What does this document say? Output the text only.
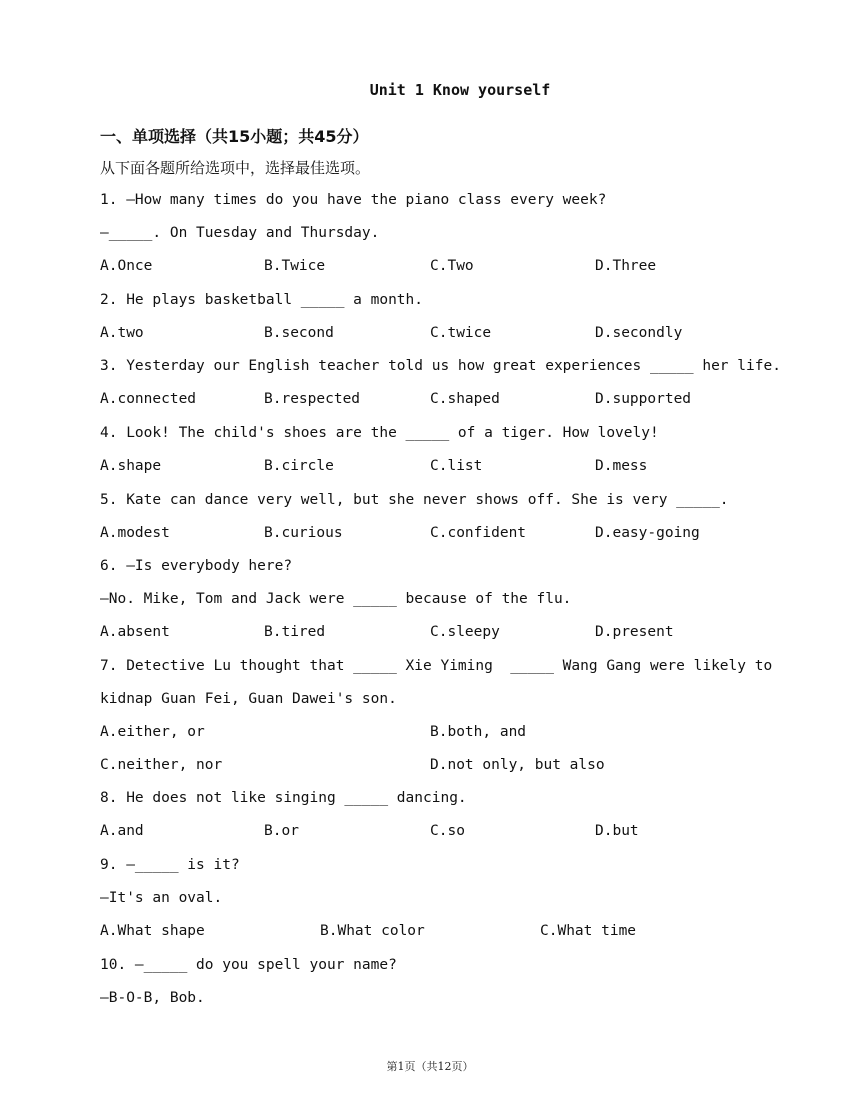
Unit 1 Know yourself
一、单项选择（共15小题；共45分）
从下面各题所给选项中，选择最佳选项。
1. —How many times do you have the piano class every week?
—_____. On Tuesday and Thursday.
A.Once	B.Twice	C.Two	D.Three
2. He plays basketball _____ a month.
A.two	B.second	C.twice	D.secondly
3. Yesterday our English teacher told us how great experiences _____ her life.
A.connected	B.respected	C.shaped	D.supported
4. Look! The child's shoes are the _____ of a tiger. How lovely!
A.shape	B.circle	C.list	D.mess
5. Kate can dance very well, but she never shows off. She is very _____.
A.modest	B.curious	C.confident	D.easy-going
6. —Is everybody here?
—No. Mike, Tom and Jack were _____ because of the flu.
A.absent	B.tired	C.sleepy	D.present
7. Detective Lu thought that _____ Xie Yiming  _____ Wang Gang were likely to
kidnap Guan Fei, Guan Dawei's son.
A.either, or	B.both, and
C.neither, nor	D.not only, but also
8. He does not like singing _____ dancing.
A.and	B.or	C.so	D.but
9. —_____ is it?
—It's an oval.
A.What shape	B.What color	C.What time
10. —_____ do you spell your name?
—B-O-B, Bob.
第1页（共12页）
